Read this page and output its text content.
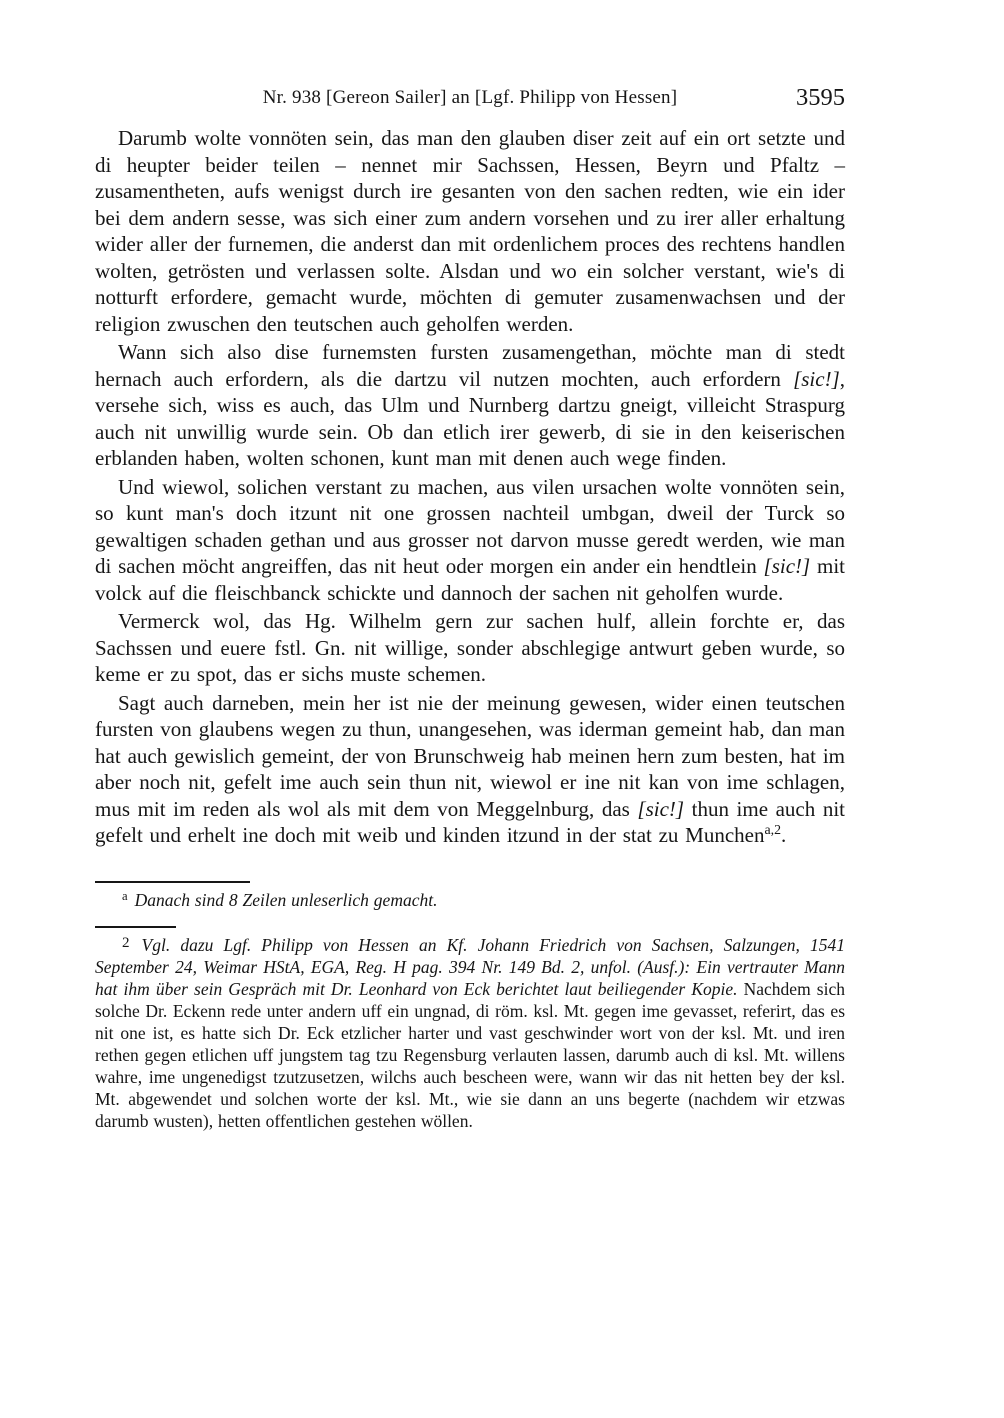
Nr. 938 [Gereon Sailer] an [Lgf. Philipp von Hessen]	3595

Darumb wolte vonnöten sein, das man den glauben diser zeit auf ein ort setzte und di heupter beider teilen – nennet mir Sachssen, Hessen, Beyrn und Pfaltz – zusamentheten, aufs wenigst durch ire gesanten von den sachen redten, wie ein ider bei dem andern sesse, was sich einer zum andern vorsehen und zu irer aller erhaltung wider aller der furnemen, die anderst dan mit ordenlichem proces des rechtens handlen wolten, getrösten und verlassen solte. Alsdan und wo ein solcher verstant, wie's di notturft erfordere, gemacht wurde, möchten di gemuter zusamenwachsen und der religion zwuschen den teutschen auch geholfen werden.

Wann sich also dise furnemsten fursten zusamengethan, möchte man di stedt hernach auch erfordern, als die dartzu vil nutzen mochten, auch erfordern [sic!], versehe sich, wiss es auch, das Ulm und Nurnberg dartzu gneigt, villeicht Straspurg auch nit unwillig wurde sein. Ob dan etlich irer gewerb, di sie in den keiserischen erblanden haben, wolten schonen, kunt man mit denen auch wege finden.

Und wiewol, solichen verstant zu machen, aus vilen ursachen wolte vonnöten sein, so kunt man's doch itzunt nit one grossen nachteil umbgan, dweil der Turck so gewaltigen schaden gethan und aus grosser not darvon musse geredt werden, wie man di sachen möcht angreiffen, das nit heut oder morgen ein ander ein hendtlein [sic!] mit volck auf die fleischbanck schickte und dannoch der sachen nit geholfen wurde.

Vermerck wol, das Hg. Wilhelm gern zur sachen hulf, allein forchte er, das Sachssen und euere fstl. Gn. nit willige, sonder abschlegige antwurt geben wurde, so keme er zu spot, das er sichs muste schemen.

Sagt auch darneben, mein her ist nie der meinung gewesen, wider einen teutschen fursten von glaubens wegen zu thun, unangesehen, was iderman gemeint hab, dan man hat auch gewislich gemeint, der von Brunschweig hab meinen hern zum besten, hat im aber noch nit, gefelt ime auch sein thun nit, wiewol er ine nit kan von ime schlagen, mus mit im reden als wol als mit dem von Meggelnburg, das [sic!] thun ime auch nit gefelt und erhelt ine doch mit weib und kinden itzund in der stat zu Munchen$^{a,2}$.

$^a$ Danach sind 8 Zeilen unleserlich gemacht.

2 Vgl. dazu Lgf. Philipp von Hessen an Kf. Johann Friedrich von Sachsen, Salzungen, 1541 September 24, Weimar HStA, EGA, Reg. H pag. 394 Nr. 149 Bd. 2, unfol. (Ausf.): Ein vertrauter Mann hat ihm über sein Gespräch mit Dr. Leonhard von Eck berichtet laut beiliegender Kopie. Nachdem sich solche Dr. Eckenn rede unter andern uff ein ungnad, di röm. ksl. Mt. gegen ime gevasset, referirt, das es nit one ist, es hatte sich Dr. Eck etzlicher harter und vast geschwinder wort von der ksl. Mt. und iren rethen gegen etlichen uff jungstem tag tzu Regensburg verlauten lassen, darumb auch di ksl. Mt. willens wahre, ime ungenedigst tzutzusetzen, wilchs auch bescheen were, wann wir das nit hetten bey der ksl. Mt. abgewendet und solchen worte der ksl. Mt., wie sie dann an uns begerte (nachdem wir etzwas darumb wusten), hetten offentlichen gestehen wöllen.
